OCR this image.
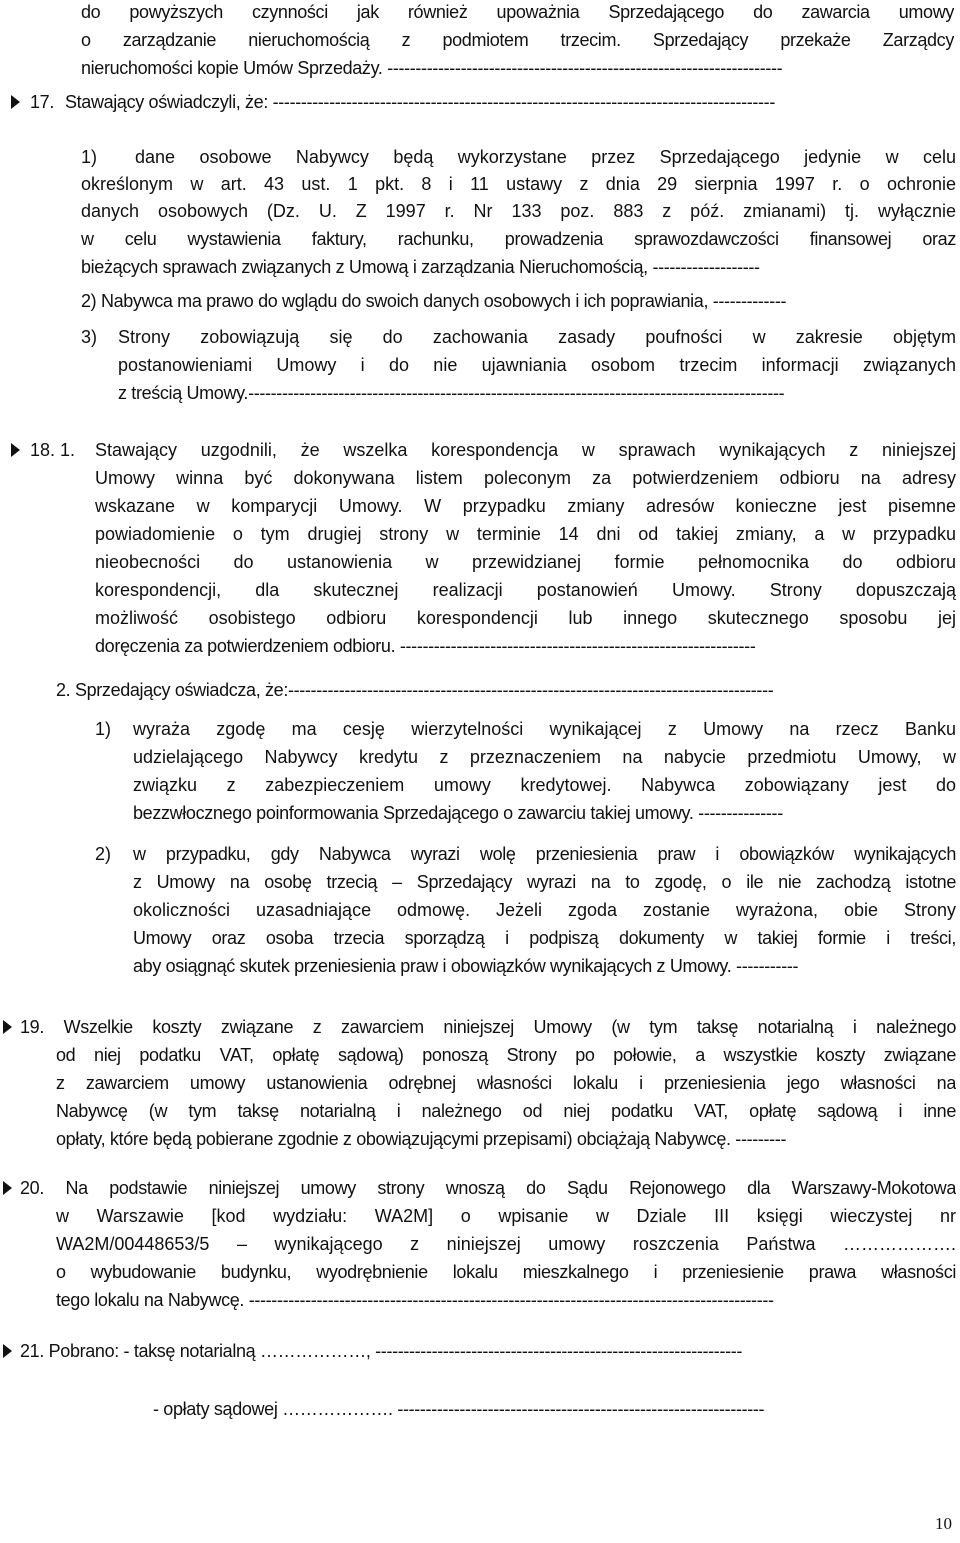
do powyższych czynności jak również upoważnia Sprzedającego do zawarcia umowy
o zarządzanie nieruchomością z podmiotem trzecim. Sprzedający przekaże Zarządcy
nieruchomości kopie Umów Sprzedaży. ----------------------------------------------------------------------
17. Stawający oświadczyli, że: -----------------------------------------------------------------------------------------
1) dane osobowe Nabywcy będą wykorzystane przez Sprzedającego jedynie w celu
określonym w art. 43 ust. 1 pkt. 8 i 11 ustawy z dnia 29 sierpnia 1997 r. o ochronie
danych osobowych (Dz. U. Z 1997 r. Nr 133 poz. 883 z póź. zmianami) tj. wyłącznie
w celu wystawienia faktury, rachunku, prowadzenia sprawozdawczości finansowej oraz
bieżących sprawach związanych z Umową i zarządzania Nieruchomością, -------------------
2) Nabywca ma prawo do wglądu do swoich danych osobowych i ich poprawiania, -------------
3) Strony zobowiązują się do zachowania zasady poufności w zakresie objętym
postanowieniami Umowy i do nie ujawniania osobom trzecim informacji związanych
z treścią Umowy.-----------------------------------------------------------------------------------------------
18. 1. Stawający uzgodnili, że wszelka korespondencja w sprawach wynikających z niniejszej
Umowy winna być dokonywana listem poleconym za potwierdzeniem odbioru na adresy
wskazane w komparycji Umowy. W przypadku zmiany adresów konieczne jest pisemne
powiadomienie o tym drugiej strony w terminie 14 dni od takiej zmiany, a w przypadku
nieobecności do ustanowienia w przewidzianej formie pełnomocnika do odbioru
korespondencji, dla skutecznej realizacji postanowień Umowy. Strony dopuszczają
możliwość osobistego odbioru korespondencji lub innego skutecznego sposobu jej
doręczenia za potwierdzeniem odbioru. ---------------------------------------------------------------
2. Sprzedający oświadcza, że:--------------------------------------------------------------------------------------
1) wyraża zgodę ma cesję wierzytelności wynikającej z Umowy na rzecz Banku
udzielającego Nabywcy kredytu z przeznaczeniem na nabycie przedmiotu Umowy, w
związku z zabezpieczeniem umowy kredytowej. Nabywca zobowiązany jest do
bezzwłocznego poinformowania Sprzedającego o zawarciu takiej umowy. ---------------
2) w przypadku, gdy Nabywca wyrazi wolę przeniesienia praw i obowiązków wynikających
z Umowy na osobę trzecią – Sprzedający wyrazi na to zgodę, o ile nie zachodzą istotne
okoliczności uzasadniające odmowę. Jeżeli zgoda zostanie wyrażona, obie Strony
Umowy oraz osoba trzecia sporządzą i podpiszą dokumenty w takiej formie i treści,
aby osiągnąć skutek przeniesienia praw i obowiązków wynikających z Umowy. -----------
19. Wszelkie koszty związane z zawarciem niniejszej Umowy (w tym taksę notarialną i należnego
od niej podatku VAT, opłatę sądową) ponoszą Strony po połowie, a wszystkie koszty związane
z zawarciem umowy ustanowienia odrębnej własności lokalu i przeniesienia jego własności na
Nabywcę (w tym taksę notarialną i należnego od niej podatku VAT, opłatę sądową i inne
opłaty, które będą pobierane zgodnie z obowiązującymi przepisami) obciążają Nabywcę. ---------
20. Na podstawie niniejszej umowy strony wnoszą do Sądu Rejonowego dla Warszawy-Mokotowa
w Warszawie [kod wydziału: WA2M] o wpisanie w Dziale III księgi wieczystej nr
WA2M/00448653/5 – wynikającego z niniejszej umowy roszczenia Państwa ……………….
o wybudowanie budynku, wyodrębnienie lokalu mieszkalnego i przeniesienie prawa własności
tego lokalu na Nabywcę. ---------------------------------------------------------------------------------------------
21. Pobrano: - taksę notarialną ………………, -----------------------------------------------------------------
- opłaty sądowej ………………. -----------------------------------------------------------------
10
